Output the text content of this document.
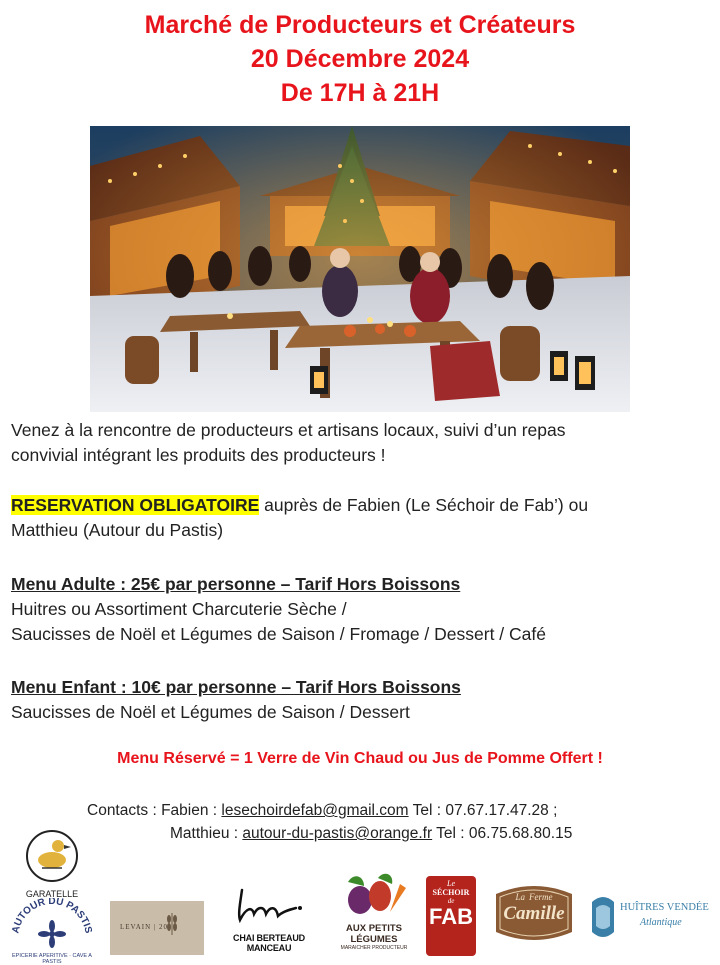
Marché de Producteurs et Créateurs
20 Décembre 2024
De 17H à 21H
Venez à la rencontre de producteurs et artisans locaux, suivi d’un repas
convivial intégrant les produits des producteurs !
RESERVATION OBLIGATOIRE auprès de Fabien (Le Séchoir de Fab’) ou
Matthieu (Autour du Pastis)
Menu Adulte : 25€ par personne – Tarif Hors Boissons
Huitres ou Assortiment Charcuterie Sèche /
Saucisses de Noël et Légumes de Saison / Fromage / Dessert / Café
Menu Enfant : 10€ par personne – Tarif Hors Boissons
Saucisses de Noël et Légumes de Saison / Dessert
Menu Réservé = 1 Verre de Vin Chaud ou Jus de Pomme Offert !
Contacts : Fabien : lesechoirdefab@gmail.com Tel : 07.67.17.47.28 ;
Matthieu : autour-du-pastis@orange.fr Tel : 06.75.68.80.15
GARATELLE
AUTOUR DU PASTIS
EPICERIE APERITIVE · CAVE A PASTIS
LEVAIN | 20
CHAI BERTEAUD MANCEAU
AUX PETITS
LÉGUMES
MARAICHER PRODUCTEUR
Le
SÉCHOIR
de
FAB
La Ferme
Camille	HUÎTRES VENDÉE
Atlantique
